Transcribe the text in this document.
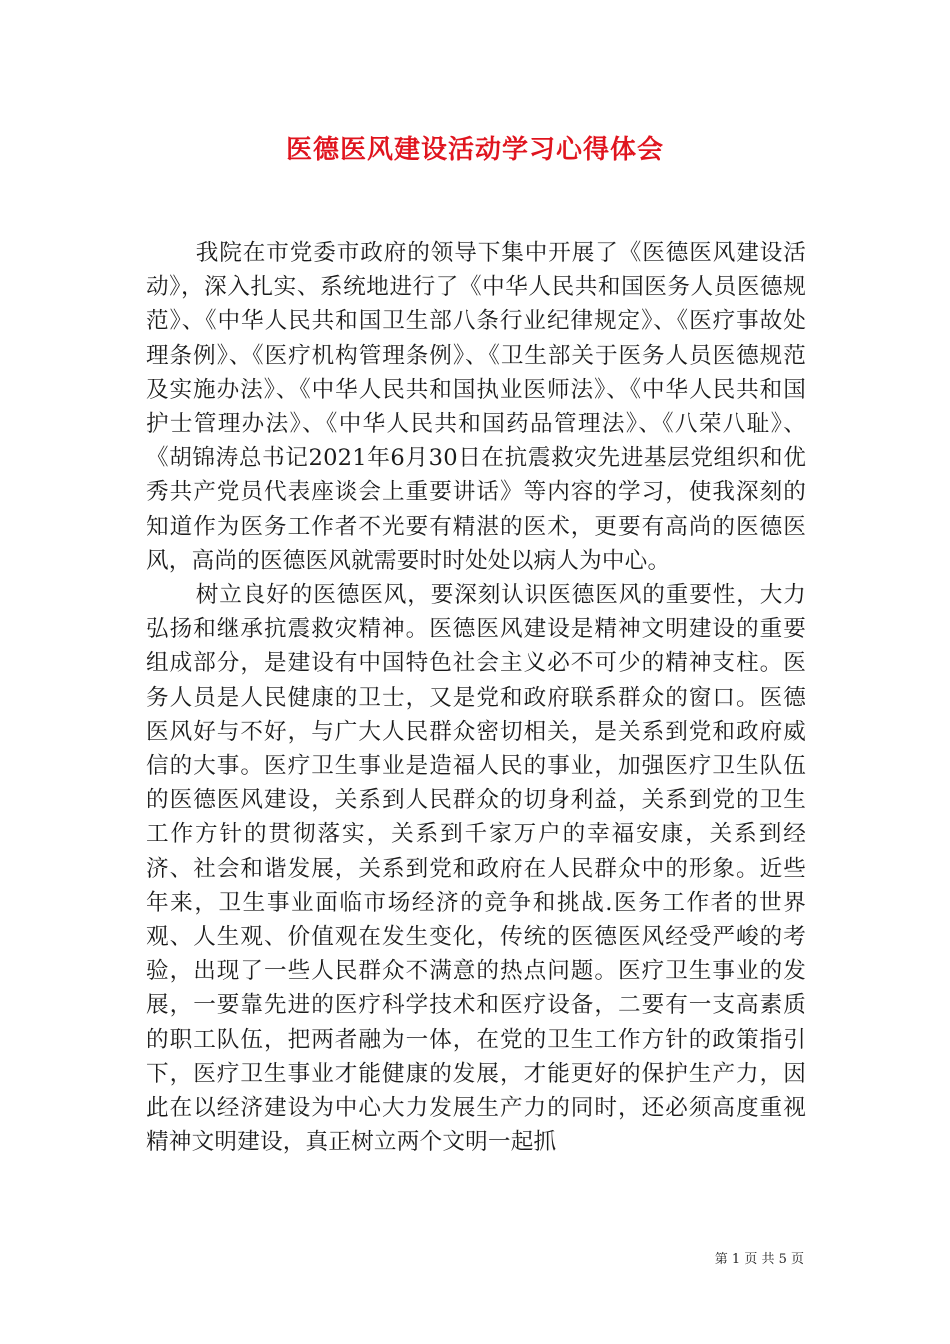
医德医风建设活动学习心得体会

我院在市党委市政府的领导下集中开展了《医德医风建设活动》，深入扎实、系统地进行了《中华人民共和国医务人员医德规范》、《中华人民共和国卫生部八条行业纪律规定》、《医疗事故处理条例》、《医疗机构管理条例》、《卫生部关于医务人员医德规范及实施办法》、《中华人民共和国执业医师法》、《中华人民共和国护士管理办法》、《中华人民共和国药品管理法》、《八荣八耻》、《胡锦涛总书记2021年6月30日在抗震救灾先进基层党组织和优秀共产党员代表座谈会上重要讲话》等内容的学习，使我深刻的知道作为医务工作者不光要有精湛的医术，更要有高尚的医德医风，高尚的医德医风就需要时时处处以病人为中心。

树立良好的医德医风，要深刻认识医德医风的重要性，大力弘扬和继承抗震救灾精神。医德医风建设是精神文明建设的重要组成部分，是建设有中国特色社会主义必不可少的精神支柱。医务人员是人民健康的卫士，又是党和政府联系群众的窗口。医德医风好与不好，与广大人民群众密切相关，是关系到党和政府威信的大事。医疗卫生事业是造福人民的事业，加强医疗卫生队伍的医德医风建设，关系到人民群众的切身利益，关系到党的卫生工作方针的贯彻落实，关系到千家万户的幸福安康，关系到经济、社会和谐发展，关系到党和政府在人民群众中的形象。近些年来，卫生事业面临市场经济的竞争和挑战.医务工作者的世界观、人生观、价值观在发生变化，传统的医德医风经受严峻的考验，出现了一些人民群众不满意的热点问题。医疗卫生事业的发展，一要靠先进的医疗科学技术和医疗设备，二要有一支高素质的职工队伍，把两者融为一体，在党的卫生工作方针的政策指引下，医疗卫生事业才能健康的发展，才能更好的保护生产力，因此在以经济建设为中心大力发展生产力的同时，还必须高度重视精神文明建设，真正树立两个文明一起抓

第 1 页 共 5 页
